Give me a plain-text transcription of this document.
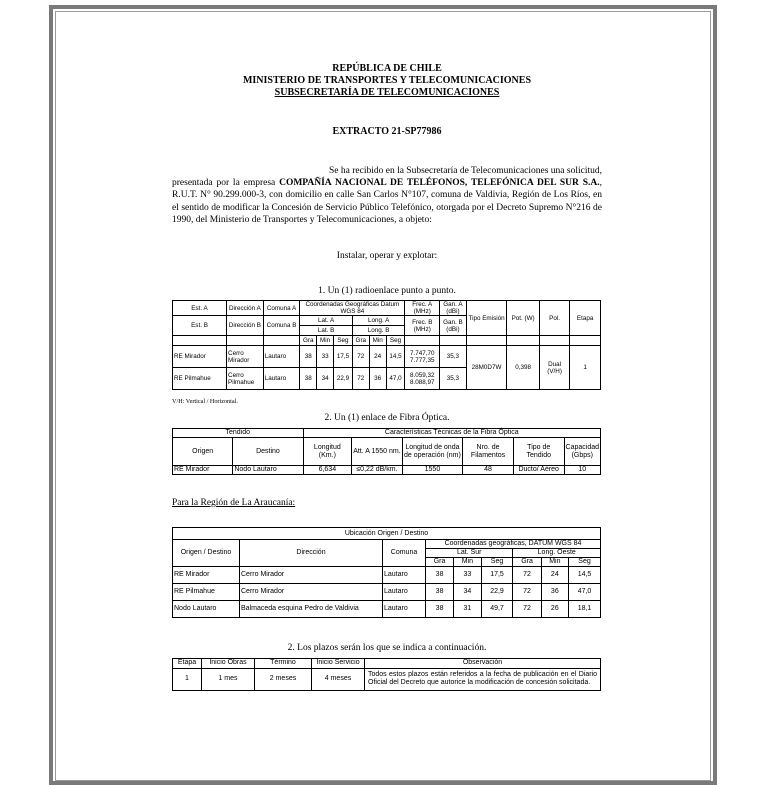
REPÚBLICA DE CHILE
MINISTERIO DE TRANSPORTES Y TELECOMUNICACIONES
SUBSECRETARÍA DE TELECOMUNICACIONES
EXTRACTO 21-SP77986
Se ha recibido en la Subsecretaría de Telecomunicaciones una solicitud, presentada por la empresa COMPAÑÍA NACIONAL DE TELÉFONOS, TELEFÓNICA DEL SUR S.A., R.U.T. N° 90.299.000-3, con domicilio en calle San Carlos N°107, comuna de Valdivia, Región de Los Ríos, en el sentido de modificar la Concesión de Servicio Público Telefónico, otorgada por el Decreto Supremo N°216 de 1990, del Ministerio de Transportes y Telecomunicaciones, a objeto:
Instalar, operar y explotar:
1. Un (1) radioenlace punto a punto.
Est. A	Dirección A	Comuna A	Coordenadas Geográficas Datum WGS 84						Frec. A (MHz)	Gan. A (dBi)	Tipo Emisión	Pot. (W)	Pol.	Etapa
Est. B	Dirección B	Comuna B	Lat. A			Long. A			Frec. B (MHz)	Gan. B (dBi)				
			Lat. B			Long. B								
			Gra	Min	Seg	Gra	Min	Seg						
RE Mirador	Cerro Mirador	Lautaro	38	33	17,5	72	24	14,5	7.747,70 7.777,35	35,3	28M0D7W	0,398	Dual (V/H)	1
RE Pilmahue	Cerro Pilmahue	Lautaro	38	34	22,9	72	36	47,0	8.059,32 8.088,97	35,3				
V/H: Vertical / Horizontal.
2. Un (1) enlace de Fibra Óptica.
Tendido		Características Técnicas de la Fibra Óptica					
Origen	Destino	Longitud (Km.)	Att. A 1550 nm.	Longitud de onda de operación (nm)	Nro. de Filamentos	Tipo de Tendido	Capacidad (Gbps)
RE Mirador	Nodo Lautaro	6,634	≤0,22 dB/km.	1550	48	Ducto/ Aéreo	10
Para la Región de La Araucanía:
Ubicación Origen / Destino								
Origen / Destino	Dirección	Comuna	Coordenadas geográficas, DATUM WGS 84					
			Lat. Sur			Long. Oeste		
			Gra	Min	Seg	Gra	Min	Seg
RE Mirador	Cerro Mirador	Lautaro	38	33	17,5	72	24	14,5
RE Pilmahue	Cerro Mirador	Lautaro	38	34	22,9	72	36	47,0
Nodo Lautaro	Balmaceda esquina Pedro de Valdivia	Lautaro	38	31	49,7	72	26	18,1
2. Los plazos serán los que se indica a continuación.
Etapa	Inicio Obras	Término	Inicio Servicio	Observación
1	1 mes	2 meses	4 meses	Todos estos plazos están referidos a la fecha de publicación en el Diario Oficial del Decreto que autorice la modificación de concesión solicitada.
